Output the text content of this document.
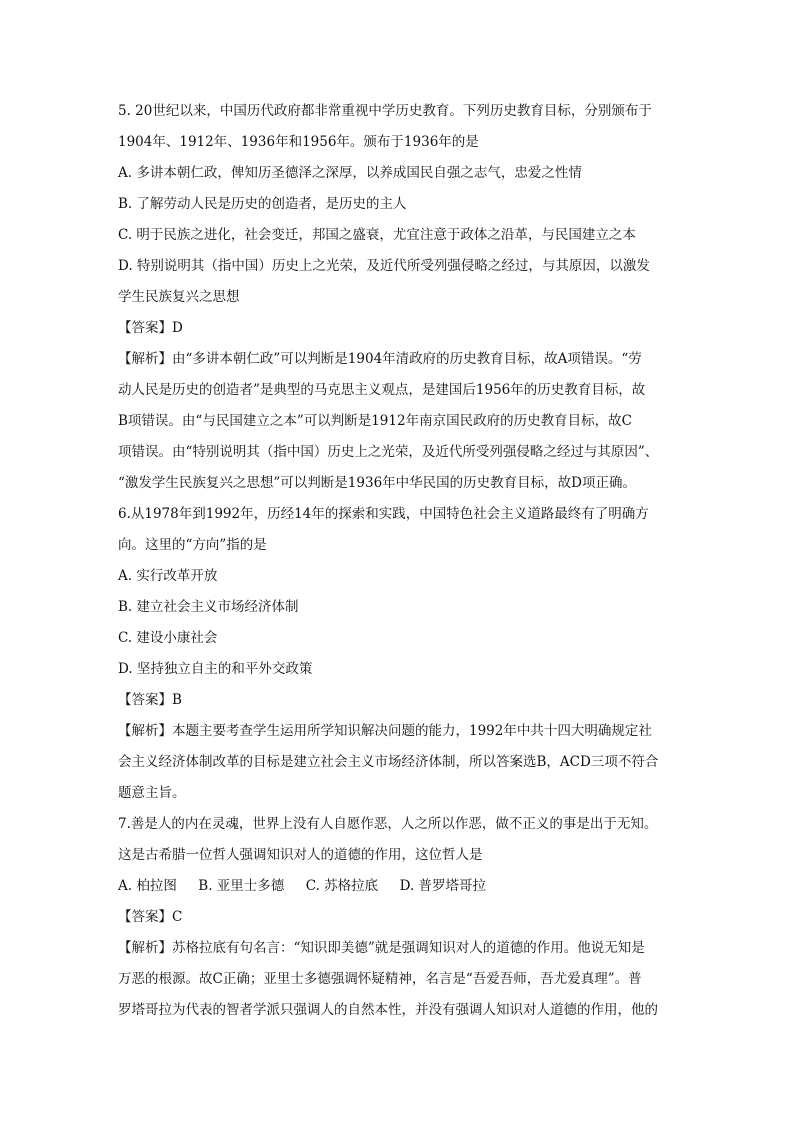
5. 20世纪以来，中国历代政府都非常重视中学历史教育。下列历史教育目标，分别颁布于
1904年、1912年、1936年和1956年。颁布于1936年的是
A. 多讲本朝仁政，俾知历圣德泽之深厚，以养成国民自强之志气，忠爱之性情
B. 了解劳动人民是历史的创造者，是历史的主人
C. 明于民族之进化，社会变迁，邦国之盛衰，尤宜注意于政体之沿革，与民国建立之本
D. 特别说明其（指中国）历史上之光荣，及近代所受列强侵略之经过，与其原因，以激发
学生民族复兴之思想
【答案】D
【解析】由“多讲本朝仁政”可以判断是1904年清政府的历史教育目标，故A项错误。“劳
动人民是历史的创造者”是典型的马克思主义观点，是建国后1956年的历史教育目标，故
B项错误。由“与民国建立之本”可以判断是1912年南京国民政府的历史教育目标，故C
项错误。由“特别说明其（指中国）历史上之光荣，及近代所受列强侵略之经过与其原因”、
“激发学生民族复兴之思想”可以判断是1936年中华民国的历史教育目标，故D项正确。
6.从1978年到1992年，历经14年的探索和实践，中国特色社会主义道路最终有了明确方
向。这里的“方向”指的是
A. 实行改革开放
B. 建立社会主义市场经济体制
C. 建设小康社会
D. 坚持独立自主的和平外交政策
【答案】B
【解析】本题主要考查学生运用所学知识解决问题的能力，1992年中共十四大明确规定社
会主义经济体制改革的目标是建立社会主义市场经济体制，所以答案选B，ACD三项不符合
题意主旨。
7.善是人的内在灵魂，世界上没有人自愿作恶，人之所以作恶，做不正义的事是出于无知。
这是古希腊一位哲人强调知识对人的道德的作用，这位哲人是
A. 柏拉图     B. 亚里士多德     C. 苏格拉底     D. 普罗塔哥拉
【答案】C
【解析】苏格拉底有句名言：“知识即美德”就是强调知识对人的道德的作用。他说无知是
万恶的根源。故C正确；亚里士多德强调怀疑精神，名言是“吾爱吾师，吾尤爱真理”。普
罗塔哥拉为代表的智者学派只强调人的自然本性，并没有强调人知识对人道德的作用，他的
